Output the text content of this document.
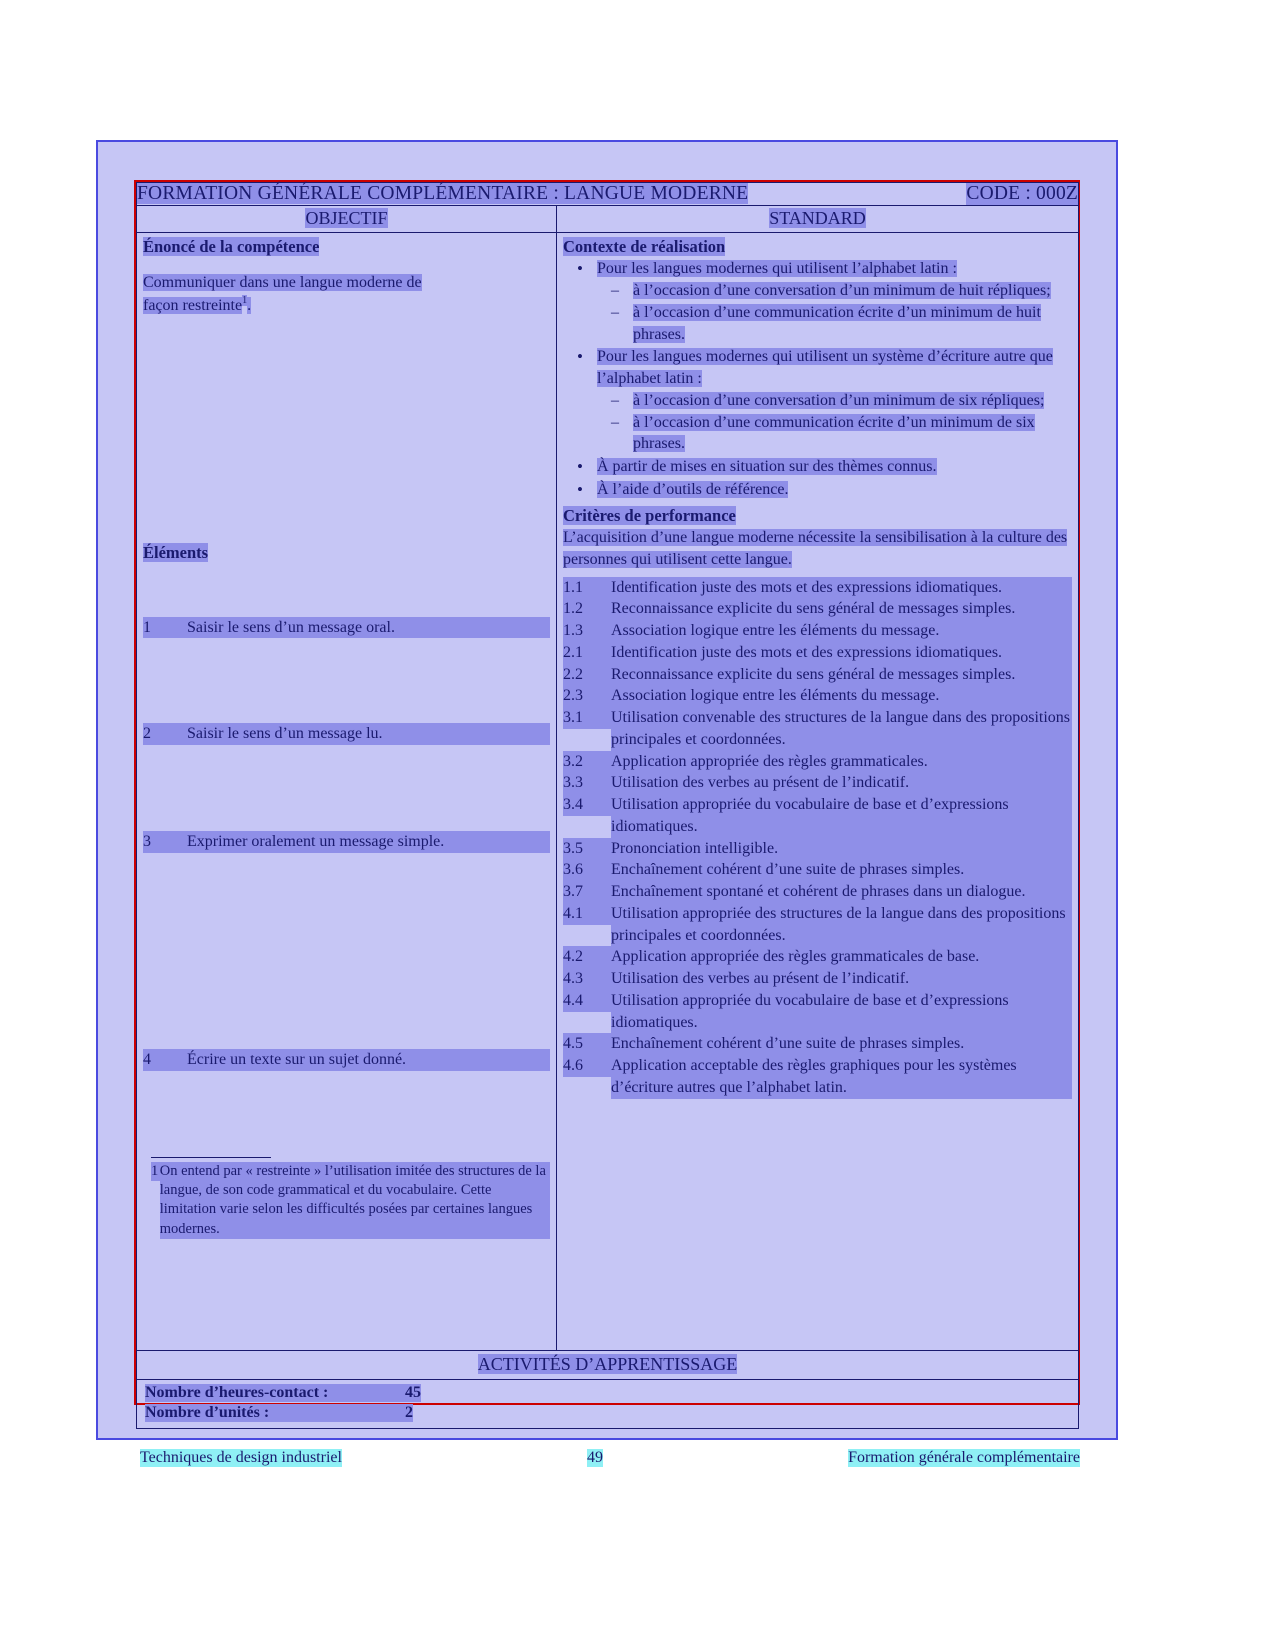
FORMATION GÉNÉRALE COMPLÉMENTAIRE : LANGUE MODERNE CODE : 000Z	

OBJECTIF	STANDARD

Énoncé de la compétence
Communiquer dans une langue moderne de
façon restreinte$^1$.
Éléments
1	Saisir le sens d’un message oral.
2	Saisir le sens d’un message lu.
3	Exprimer oralement un message simple.
4	Écrire un texte sur un sujet donné.
1 On entend par « restreinte » l’utilisation imitée des structures de la langue, de son code grammatical et du vocabulaire. Cette limitation varie selon les difficultés posées par certaines langues modernes.

Contexte de réalisation
• Pour les langues modernes qui utilisent l’alphabet latin :
– à l’occasion d’une conversation d’un minimum de huit répliques;
– à l’occasion d’une communication écrite d’un minimum de huit phrases.
• Pour les langues modernes qui utilisent un système d’écriture autre que l’alphabet latin :
– à l’occasion d’une conversation d’un minimum de six répliques;
– à l’occasion d’une communication écrite d’un minimum de six phrases.
• À partir de mises en situation sur des thèmes connus.
• À l’aide d’outils de référence.
Critères de performance
L’acquisition d’une langue moderne nécessite la sensibilisation à la culture des personnes qui utilisent cette langue.
1.1	Identification juste des mots et des expressions idiomatiques.
1.2	Reconnaissance explicite du sens général de messages simples.
1.3	Association logique entre les éléments du message.
2.1	Identification juste des mots et des expressions idiomatiques.
2.2	Reconnaissance explicite du sens général de messages simples.
2.3	Association logique entre les éléments du message.
3.1	Utilisation convenable des structures de la langue dans des propositions principales et coordonnées.
3.2	Application appropriée des règles grammaticales.
3.3	Utilisation des verbes au présent de l’indicatif.
3.4	Utilisation appropriée du vocabulaire de base et d’expressions idiomatiques.
3.5	Prononciation intelligible.
3.6	Enchaînement cohérent d’une suite de phrases simples.
3.7	Enchaînement spontané et cohérent de phrases dans un dialogue.
4.1	Utilisation appropriée des structures de la langue dans des propositions principales et coordonnées.
4.2	Application appropriée des règles grammaticales de base.
4.3	Utilisation des verbes au présent de l’indicatif.
4.4	Utilisation appropriée du vocabulaire de base et d’expressions idiomatiques.
4.5	Enchaînement cohérent d’une suite de phrases simples.
4.6	Application acceptable des règles graphiques pour les systèmes d’écriture autres que l’alphabet latin.

ACTIVITÉS D’APPRENTISSAGE	

Nombre d’heures-contact : 45
Nombre d’unités : 2	
Techniques de design industriel	49	Formation générale complémentaire
